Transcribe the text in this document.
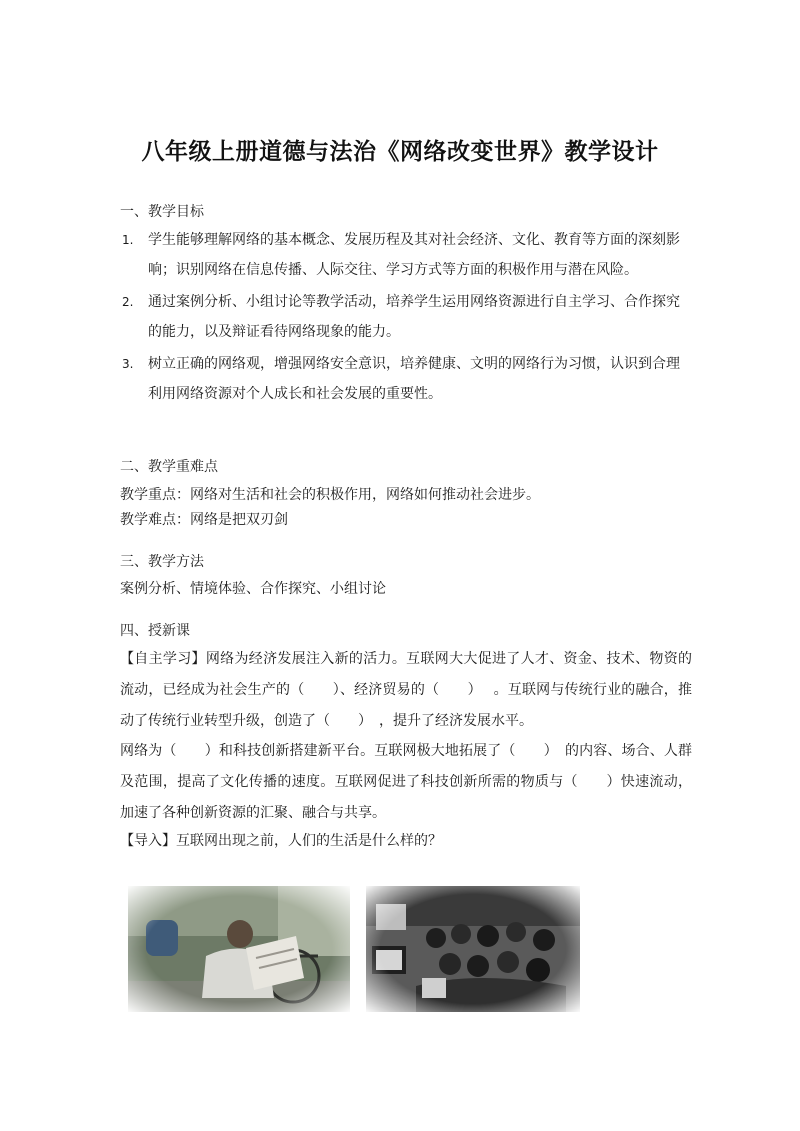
八年级上册道德与法治《网络改变世界》教学设计
一、教学目标
1. 学生能够理解网络的基本概念、发展历程及其对社会经济、文化、教育等方面的深刻影响；识别网络在信息传播、人际交往、学习方式等方面的积极作用与潜在风险。
2. 通过案例分析、小组讨论等教学活动，培养学生运用网络资源进行自主学习、合作探究的能力，以及辩证看待网络现象的能力。
3. 树立正确的网络观，增强网络安全意识，培养健康、文明的网络行为习惯，认识到合理利用网络资源对个人成长和社会发展的重要性。
二、教学重难点
教学重点：网络对生活和社会的积极作用，网络如何推动社会进步。
教学难点：网络是把双刃剑
三、教学方法
案例分析、情境体验、合作探究、小组讨论
四、授新课
【自主学习】网络为经济发展注入新的活力。互联网大大促进了人才、资金、技术、物资的流动，已经成为社会生产的（　　）、经济贸易的（　　）　 。互联网与传统行业的融合，推动了传统行业转型升级，创造了（　　）　，提升了经济发展水平。
网络为（　　）和科技创新搭建新平台。互联网极大地拓展了（　　）　的内容、场合、人群及范围，提高了文化传播的速度。互联网促进了科技创新所需的物质与（　　）快速流动，加速了各种创新资源的汇聚、融合与共享。
【导入】互联网出现之前，人们的生活是什么样的？
